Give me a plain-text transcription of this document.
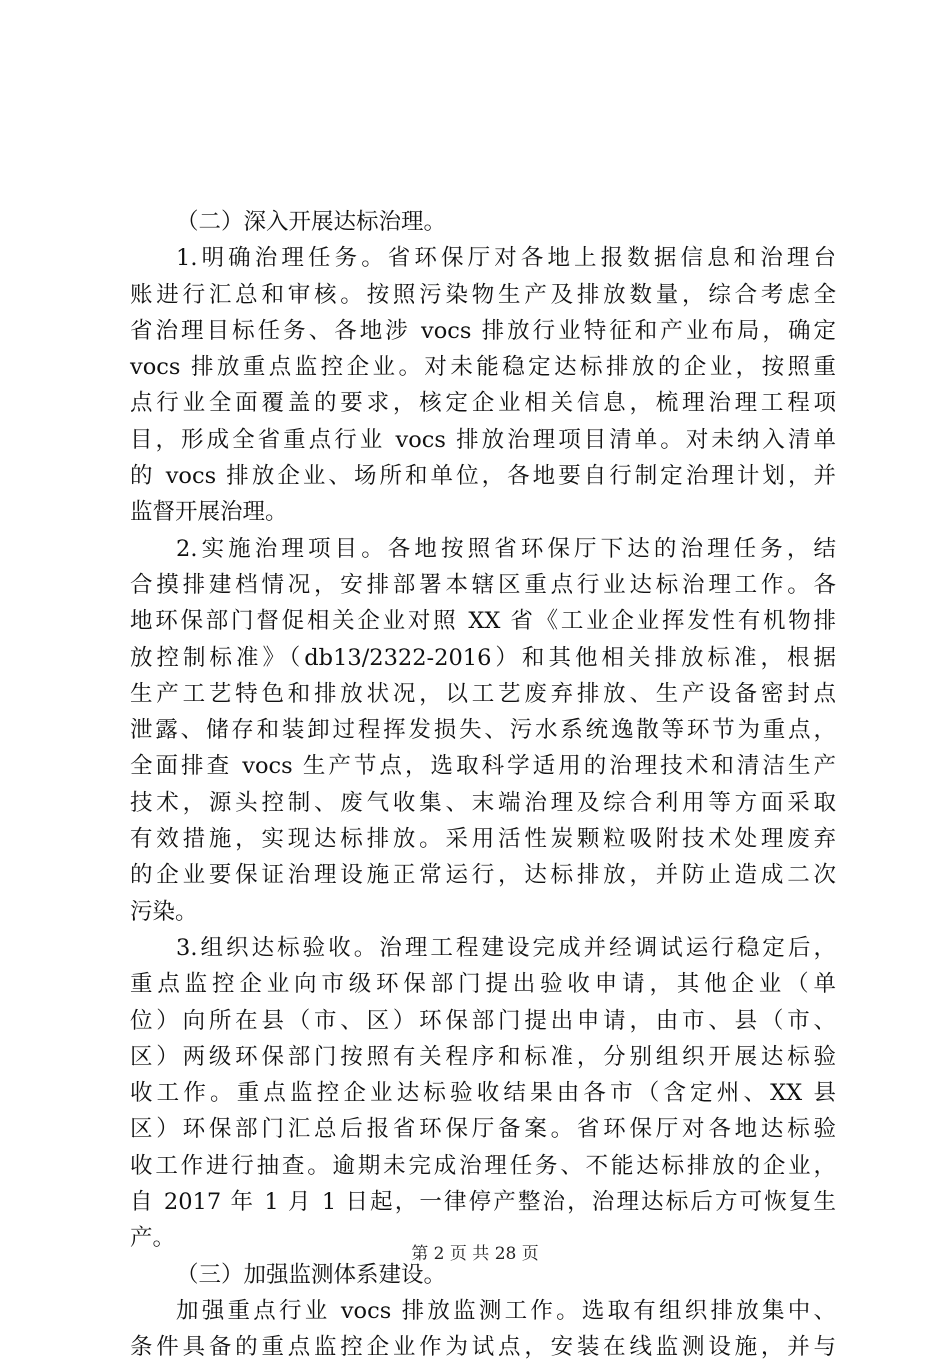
（二）深入开展达标治理。
1.明确治理任务。省环保厅对各地上报数据信息和治理台
账进行汇总和审核。按照污染物生产及排放数量，综合考虑全
省治理目标任务、各地涉 vocs 排放行业特征和产业布局，确定
vocs 排放重点监控企业。对未能稳定达标排放的企业，按照重
点行业全面覆盖的要求，核定企业相关信息，梳理治理工程项
目，形成全省重点行业 vocs 排放治理项目清单。对未纳入清单
的 vocs 排放企业、场所和单位，各地要自行制定治理计划，并
监督开展治理。
2.实施治理项目。各地按照省环保厅下达的治理任务，结
合摸排建档情况，安排部署本辖区重点行业达标治理工作。各
地环保部门督促相关企业对照 XX 省《工业企业挥发性有机物排
放控制标准》（db13/2322-2016）和其他相关排放标准，根据
生产工艺特色和排放状况，以工艺废弃排放、生产设备密封点
泄露、储存和装卸过程挥发损失、污水系统逸散等环节为重点，
全面排查 vocs 生产节点，选取科学适用的治理技术和清洁生产
技术，源头控制、废气收集、末端治理及综合利用等方面采取
有效措施，实现达标排放。采用活性炭颗粒吸附技术处理废弃
的企业要保证治理设施正常运行，达标排放，并防止造成二次
污染。
3.组织达标验收。治理工程建设完成并经调试运行稳定后，
重点监控企业向市级环保部门提出验收申请，其他企业（单
位）向所在县（市、区）环保部门提出申请，由市、县（市、
区）两级环保部门按照有关程序和标准，分别组织开展达标验
收工作。重点监控企业达标验收结果由各市（含定州、XX 县
区）环保部门汇总后报省环保厅备案。省环保厅对各地达标验
收工作进行抽查。逾期未完成治理任务、不能达标排放的企业，
自 2017 年 1 月 1 日起，一律停产整治，治理达标后方可恢复生
产。
（三）加强监测体系建设。
加强重点行业 vocs 排放监测工作。选取有组织排放集中、
条件具备的重点监控企业作为试点，安装在线监测设施，并与
第 2 页 共 28 页
